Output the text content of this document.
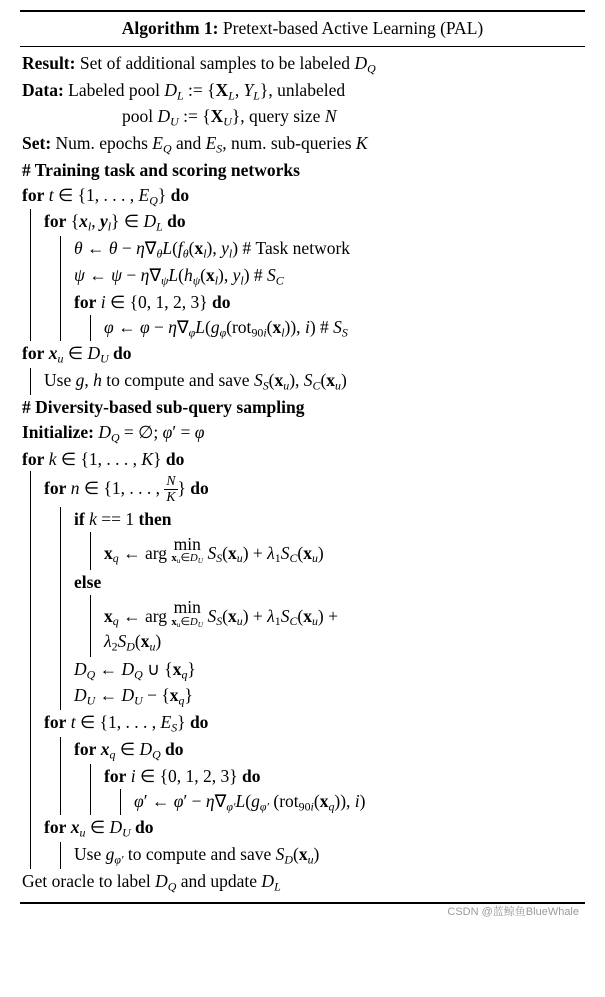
Algorithm 1: Pretext-based Active Learning (PAL)
Result: Set of additional samples to be labeled $D_Q$
Data: Labeled pool $D_L$ := {$X_L$, $Y_L$}, unlabeled
pool $D_U$ := $\{X_U\}$, query size N
Set: Num. epochs $E_Q$ and $E_S$, num. sub-queries K
# Training task and scoring networks
for t ∈ {1, . . . , $E_Q$} do
for {$x_l$, $y_l$} ∈ $D_L$ do
θ ← $\theta - \eta\nabla_\theta L(f_\theta(x_l)$, $y_l$) # Task network
ψ ← $\psi - \eta\nabla_\psi L(h_\psi(x_l)$, $y_l$) # $S_C$
for i ∈ {0, 1, 2, 3} do
φ ← $\varphi - \eta\nabla_\varphi L(g_\varphi(rot_{90i}(x_l))$, i) # $S_S$
for $x_u$ ∈ $D_U$ do
Use g, h to compute and save $S_S(x_u)$, $S_C(x_u)$
# Diversity-based sub-query sampling
Initialize: $D_Q$ = ∅; φ′ = φ
for k ∈ {1, . . . , K} do
for n ∈ {1, . . . , $\frac{N}{K}$ } do
if k == 1 then
$x_q$ ← arg min
$x_u\in D_U$ $S_S(x_u) + \lambda_1S_C(x_u)$
else
$x_q$ ← arg min
$x_u\in D_U$ $S_S(x_u) + \lambda_1S_C(x_u)$ +
$\lambda_2S_D(x_u)$
$D_Q$ ← $D_Q$ ∪ $\{x_q\}$
$D_U$ ← $D_U - \{x_q\}$
for t ∈ {1, . . . , $E_S$} do
for $x_q$ ∈ $D_Q$ do
for i ∈ {0, 1, 2, 3} do
φ′ ← $\varphi' - \eta\nabla_{\varphi'}L(g_{\varphi'}$ $(rot_{90i}(x_q))$, i)
for $x_u$ ∈ $D_U$ do
Use $g_{\varphi'}$ to compute and save $S_D(x_u)$
Get oracle to label $D_Q$ and update $D_L$
CSDN @蓝鲸鱼BlueWhale
